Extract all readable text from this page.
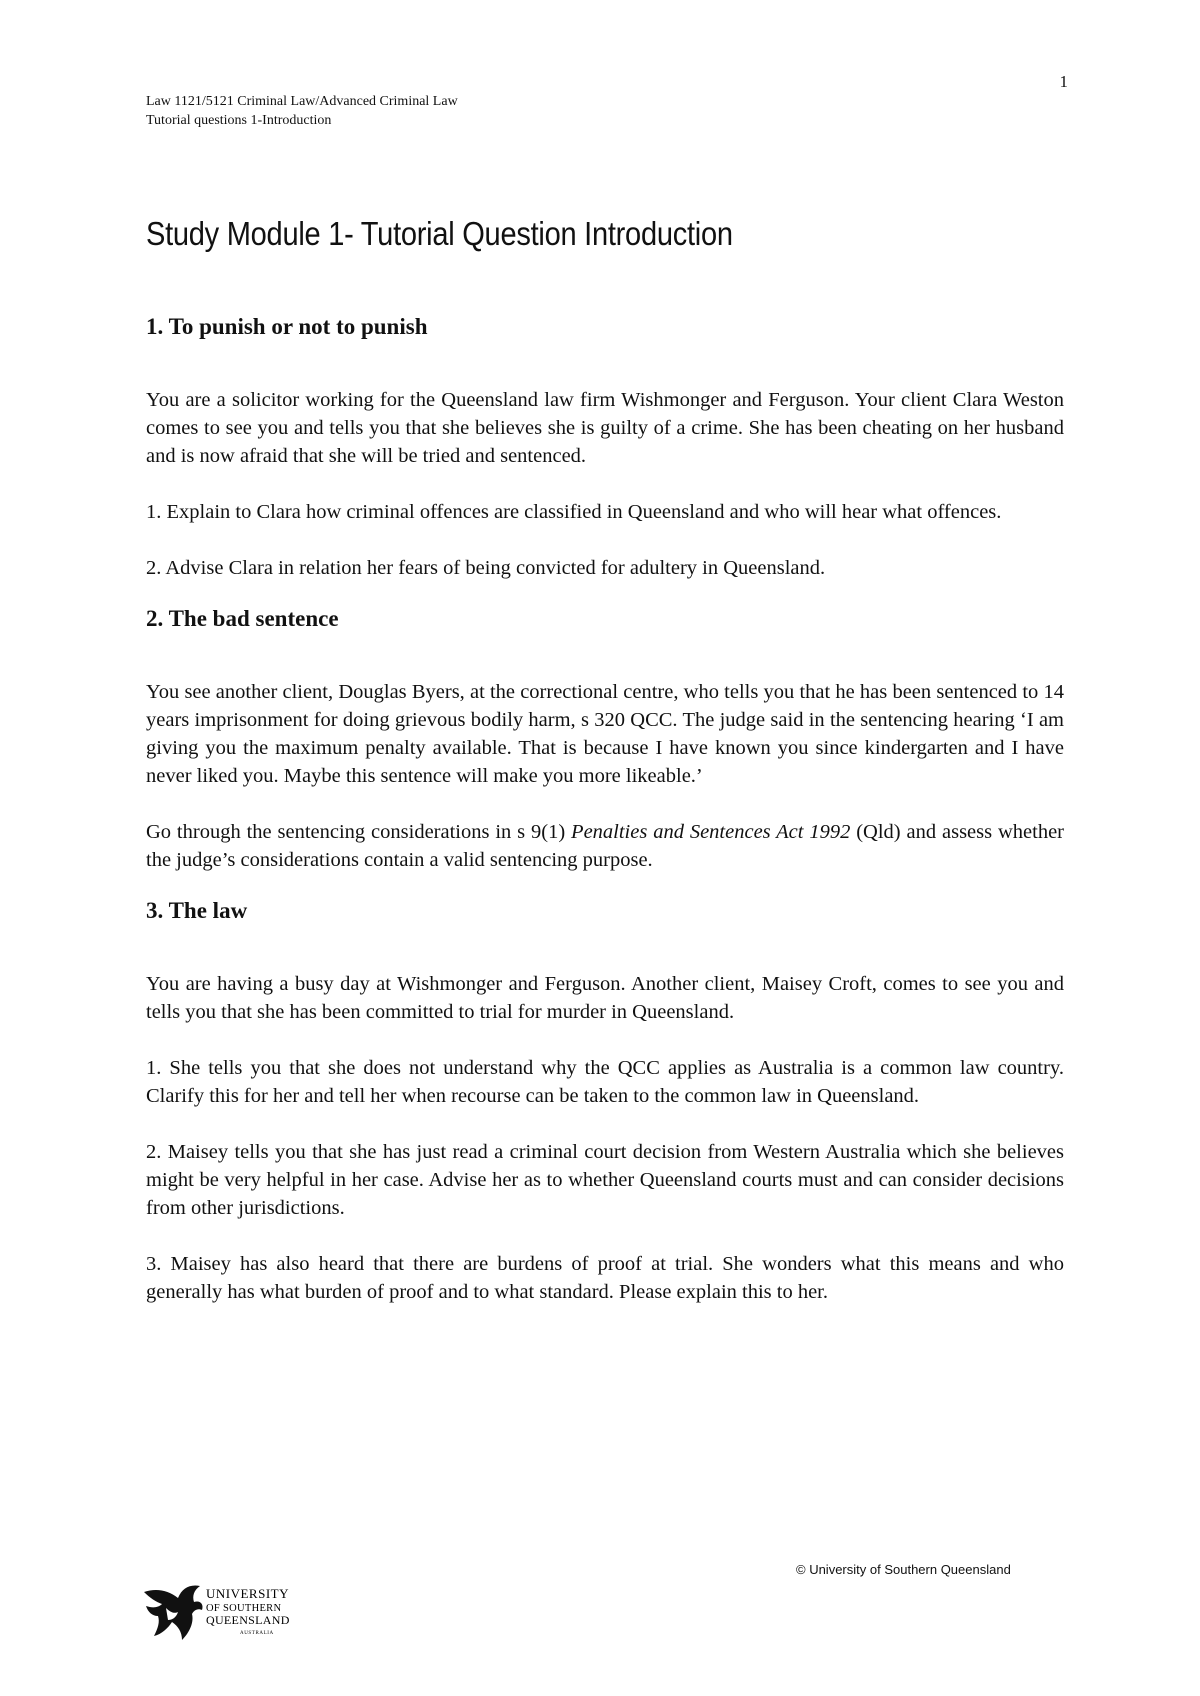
1
Law 1121/5121 Criminal Law/Advanced Criminal Law
Tutorial questions 1-Introduction
Study Module 1- Tutorial Question Introduction
1. To punish or not to punish

You are a solicitor working for the Queensland law firm Wishmonger and Ferguson. Your client Clara Weston comes to see you and tells you that she believes she is guilty of a crime. She has been cheating on her husband and is now afraid that she will be tried and sentenced.

1. Explain to Clara how criminal offences are classified in Queensland and who will hear what offences.

2. Advise Clara in relation her fears of being convicted for adultery in Queensland.

2. The bad sentence

You see another client, Douglas Byers, at the correctional centre, who tells you that he has been sentenced to 14 years imprisonment for doing grievous bodily harm, s 320 QCC. The judge said in the sentencing hearing ‘I am giving you the maximum penalty available. That is because I have known you since kindergarten and I have never liked you. Maybe this sentence will make you more likeable.’

Go through the sentencing considerations in s 9(1) Penalties and Sentences Act 1992 (Qld) and assess whether the judge’s considerations contain a valid sentencing purpose.

3. The law

You are having a busy day at Wishmonger and Ferguson. Another client, Maisey Croft, comes to see you and tells you that she has been committed to trial for murder in Queensland.

1. She tells you that she does not understand why the QCC applies as Australia is a common law country. Clarify this for her and tell her when recourse can be taken to the common law in Queensland.

2. Maisey tells you that she has just read a criminal court decision from Western Australia which she believes might be very helpful in her case. Advise her as to whether Queensland courts must and can consider decisions from other jurisdictions.

3. Maisey has also heard that there are burdens of proof at trial. She wonders what this means and who generally has what burden of proof and to what standard. Please explain this to her.

© University of Southern Queensland
UNIVERSITY
OF SOUTHERN
QUEENSLAND
AUSTRALIA
